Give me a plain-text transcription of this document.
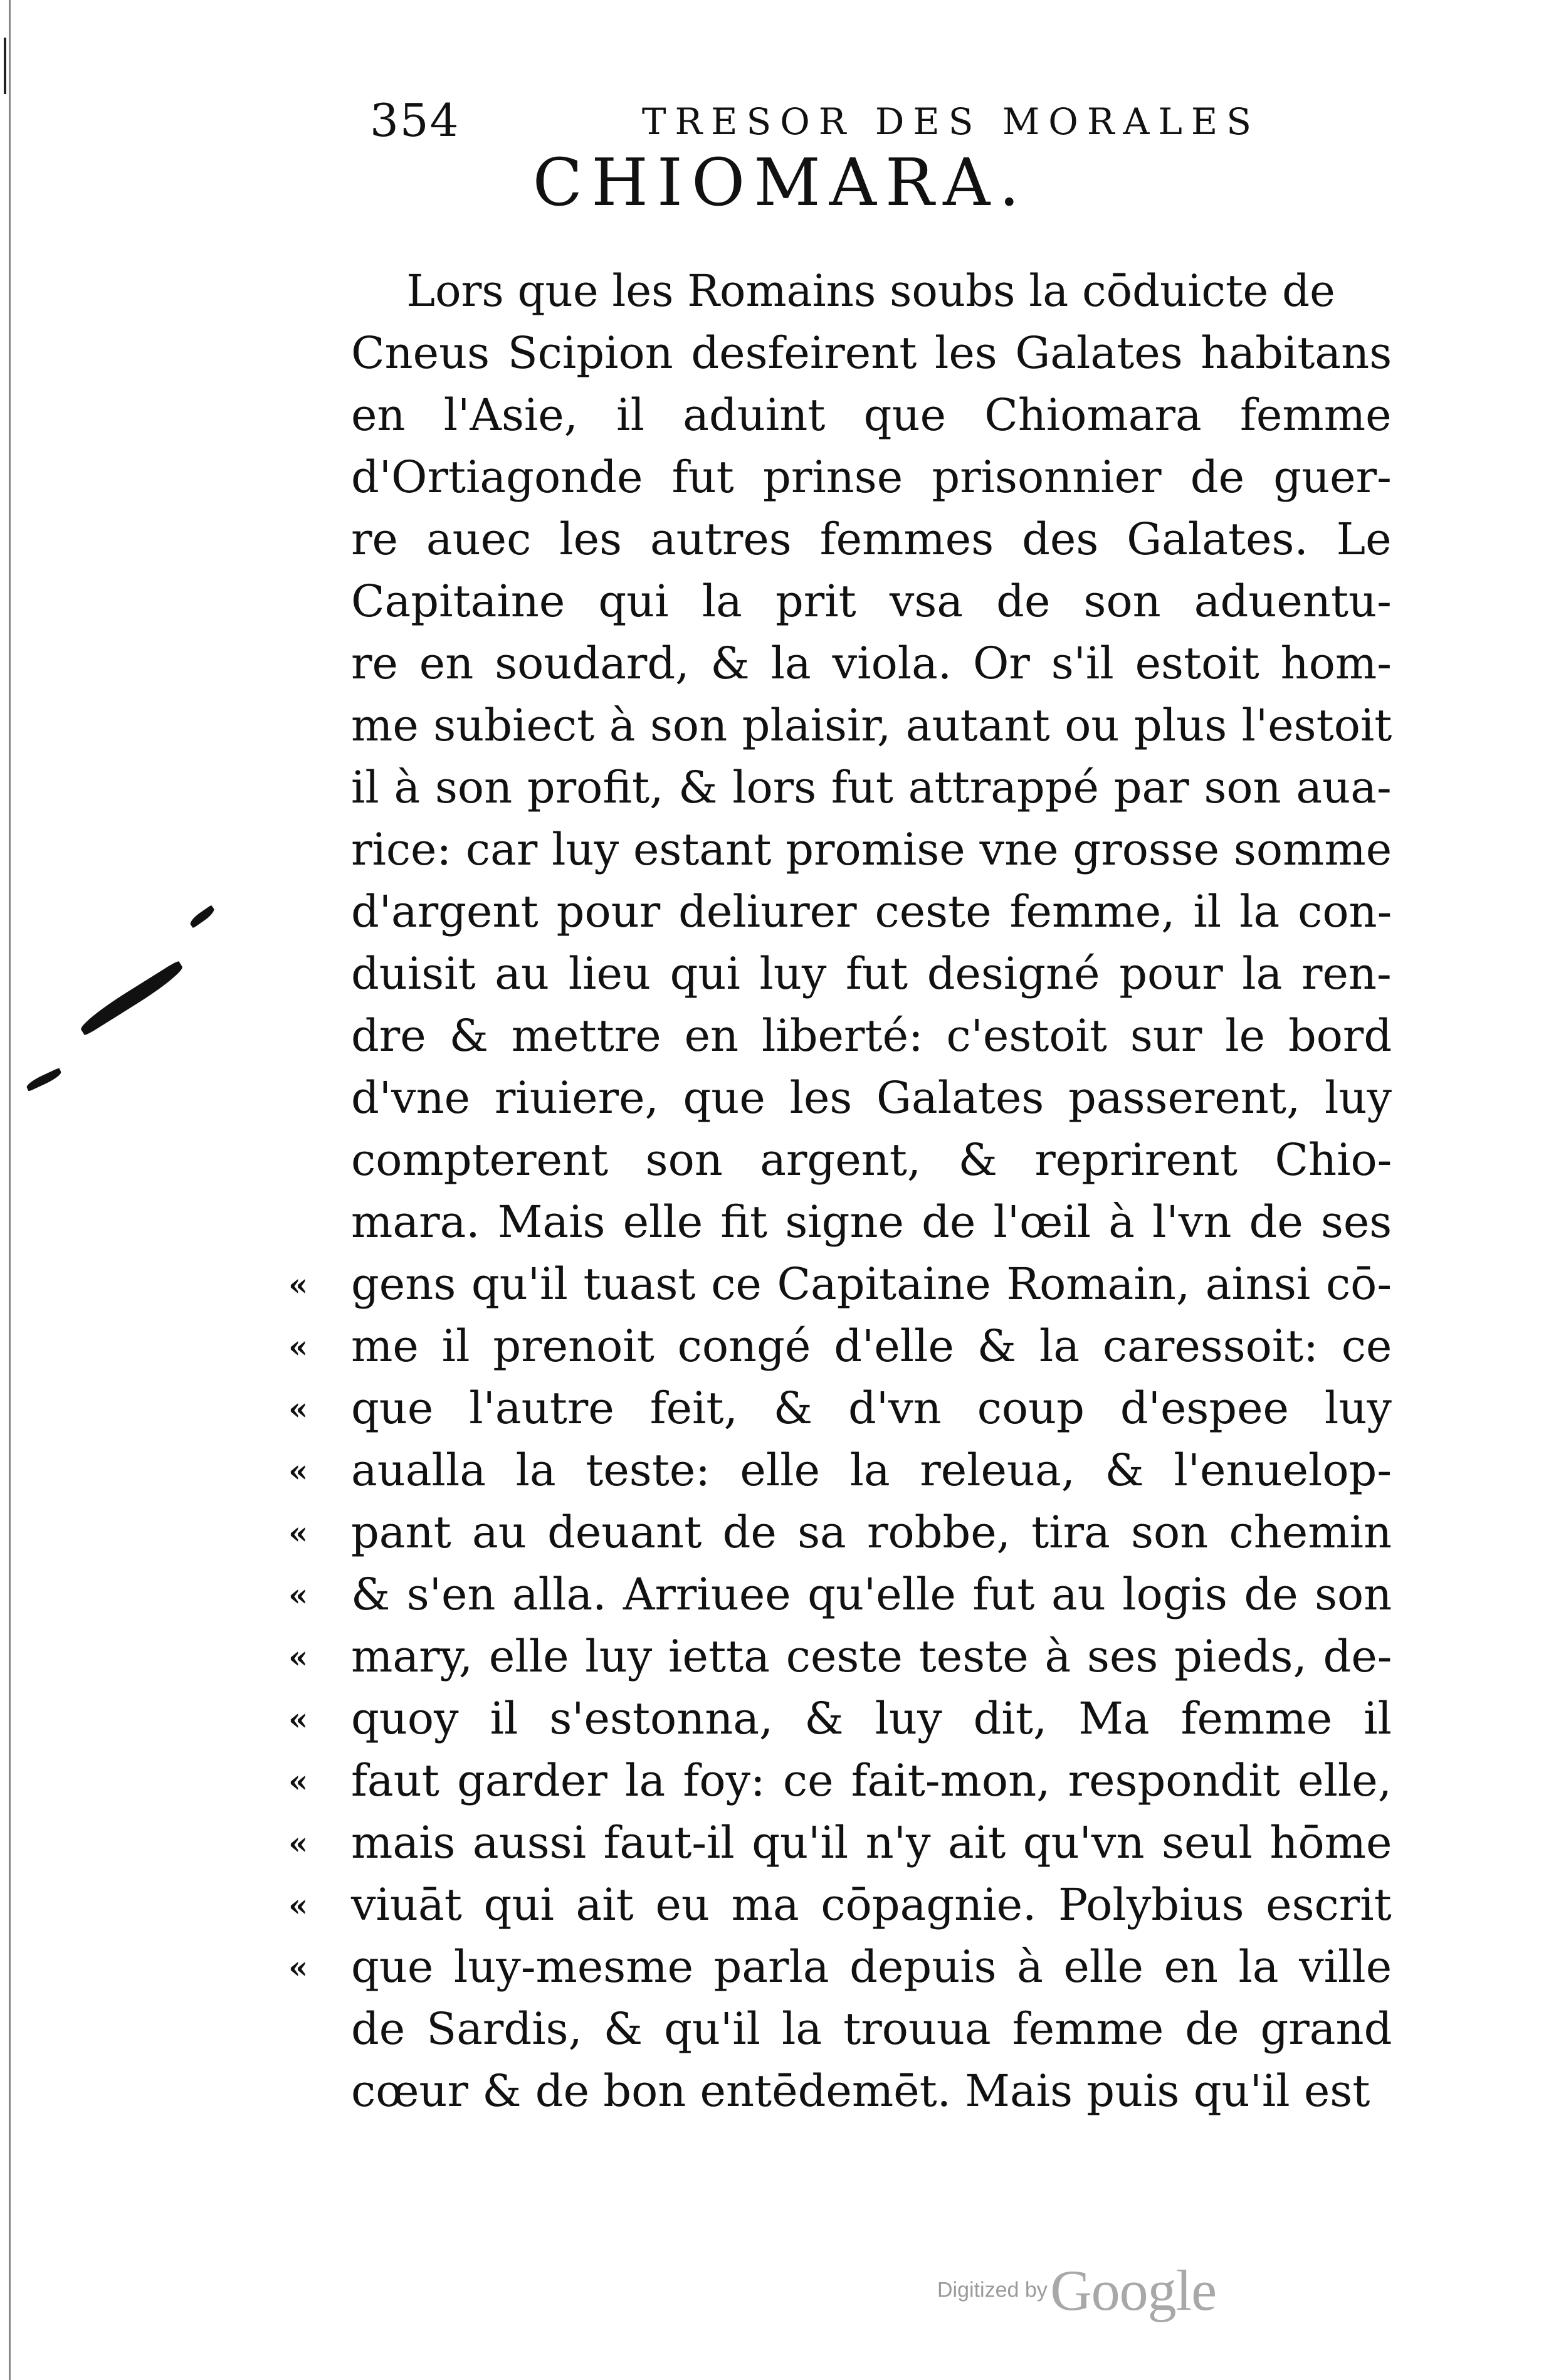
354	TRESOR DES MORALES
CHIOMARA.
Lors que les Romains soubs la cōduicte de
Cneus Scipion desfeirent les Galates habitans
en l'Asie, il aduint que Chiomara femme
d'Ortiagonde fut prinse prisonnier de guer-
re auec les autres femmes des Galates. Le
Capitaine qui la prit vsa de son aduentu-
re en soudard, & la viola. Or s'il estoit hom-
me subiect à son plaisir, autant ou plus l'estoit
il à son profit, & lors fut attrappé par son aua-
rice: car luy estant promise vne grosse somme
d'argent pour deliurer ceste femme, il la con-
duisit au lieu qui luy fut designé pour la ren-
dre & mettre en liberté: c'estoit sur le bord
d'vne riuiere, que les Galates passerent, luy
compterent son argent, & reprirent Chio-
mara. Mais elle fit signe de l'œil à l'vn de ses
« gens qu'il tuast ce Capitaine Romain, ainsi cō-
« me il prenoit congé d'elle & la caressoit: ce
« que l'autre feit, & d'vn coup d'espee luy
« aualla la teste: elle la releua, & l'enuelop-
« pant au deuant de sa robbe, tira son chemin
« & s'en alla. Arriuee qu'elle fut au logis de son
« mary, elle luy ietta ceste teste à ses pieds, de-
« quoy il s'estonna, & luy dit, Ma femme il
« faut garder la foy: ce fait-mon, respondit elle,
« mais aussi faut-il qu'il n'y ait qu'vn seul hōme
« viuāt qui ait eu ma cōpagnie. Polybius escrit
« que luy-mesme parla depuis à elle en la ville
de Sardis, & qu'il la trouua femme de grand
cœur & de bon entēdemēt. Mais puis qu'il est
Digitized by Google
